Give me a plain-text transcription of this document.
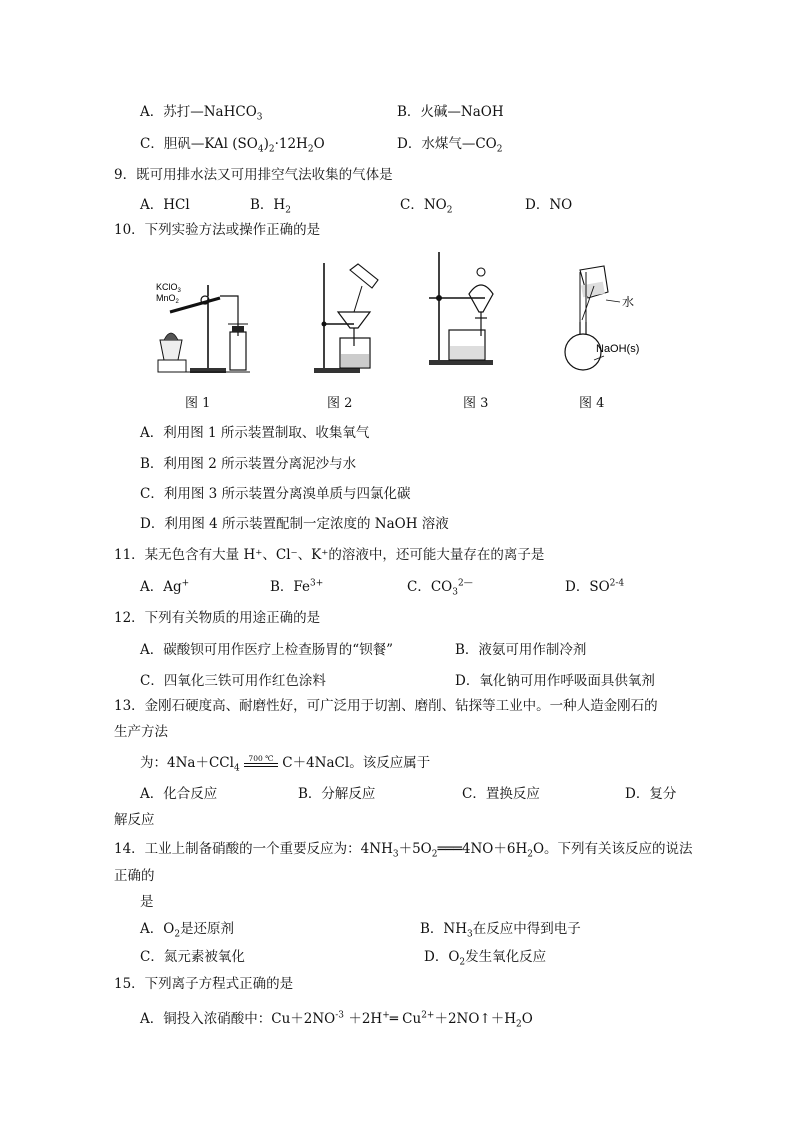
A．苏打—NaHCO$_3$	B．火碱—NaOH
C．胆矾—KAl $(SO_4)_2\cdot 12H_2O$	D．水煤气$—CO_2$
9．既可用排水法又可用排空气法收集的气体是
A．HCl	B．$H_2$	C．$NO_2$	D．NO
10．下列实验方法或操作正确的是
KClO$_3$
MnO$_2$	水
NaOH(s)
图 1	图 2	图 3	图 4
A．利用图 1 所示装置制取、收集氧气
B．利用图 2 所示装置分离泥沙与水
C．利用图 3 所示装置分离溴单质与四氯化碳
D．利用图 4 所示装置配制一定浓度的 NaOH 溶液
11．某无色含有大量 H⁺、Cl⁻、K⁺的溶液中，还可能大量存在的离子是
A．Ag+	B．$Fe^{3+}$	C．$CO_3^{2—}$	D．SO$^{2-4}$
12．下列有关物质的用途正确的是
A．碳酸钡可用作医疗上检查肠胃的“钡餐”	B．液氨可用作制冷剂
C．四氧化三铁可用作红色涂料	D．氧化钠可用作呼吸面具供氧剂
13．金刚石硬度高、耐磨性好，可广泛用于切割、磨削、钻探等工业中。一种人造金刚石的
生产方法
为：4Na＋CCl$_4$
700 ℃ C＋4NaCl。该反应属于
A．化合反应	B．分解反应	C．置换反应	D．复分
解反应
14．工业上制备硝酸的一个重要反应为：$4NH_3+5O_2═══4NO+6H_2O$。下列有关该反应的说法
正确的
是
A．$O_2$是还原剂	B．$NH_3$在反应中得到电子
C．氮元素被氧化	D．$O_2$发生氧化反应
15．下列离子方程式正确的是
A．铜投入浓硝酸中：$Cu+2NO^{-3}$ ＋2H+═ $Cu^{2+}+2NO↑+H_2O$
